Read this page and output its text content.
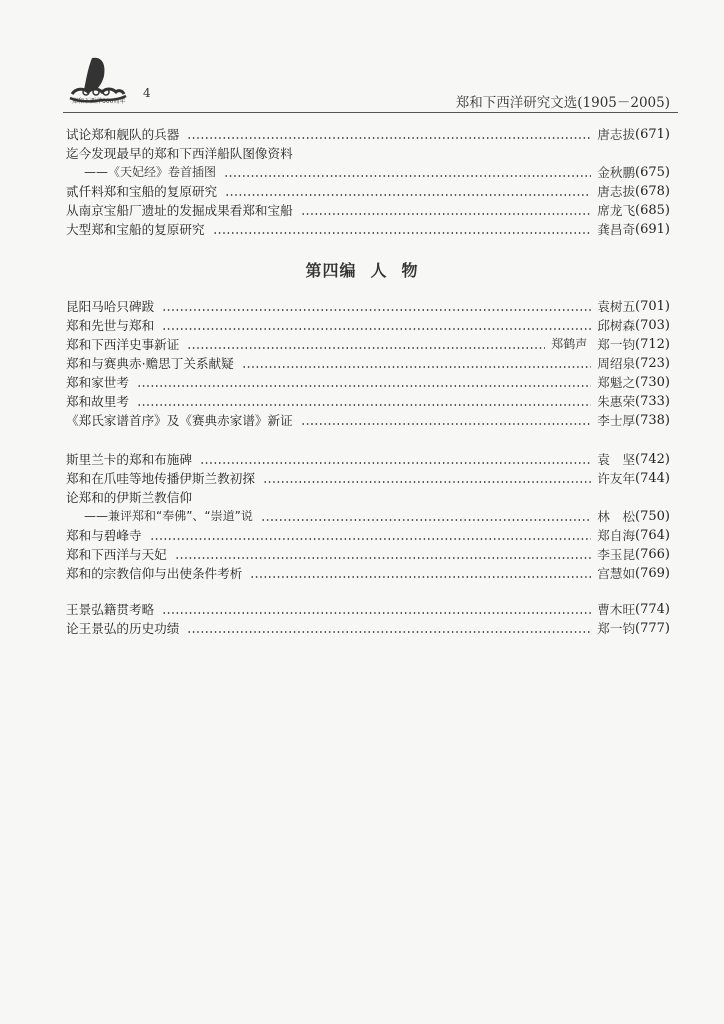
郑和下西洋600周年
4
郑和下西洋研究文选(1905－2005)
试论郑和舰队的兵器	唐志拔 (671)
迄今发现最早的郑和下西洋船队图像资料
——《天妃经》卷首插图	金秋鹏 (675)
贰仟料郑和宝船的复原研究	唐志拔 (678)
从南京宝船厂遗址的发掘成果看郑和宝船	席龙飞 (685)
大型郑和宝船的复原研究	龚昌奇 (691)
第四编 人 物
昆阳马哈只碑跋	袁树五 (701)
郑和先世与郑和	邱树森 (703)
郑和下西洋史事新证	郑鹤声 郑一钧 (712)
郑和与赛典赤·赡思丁关系献疑	周绍泉 (723)
郑和家世考	郑魁之 (730)
郑和故里考	朱惠荣 (733)
《郑氏家谱首序》及《赛典赤家谱》新证	李士厚 (738)
斯里兰卡的郑和布施碑	袁　坚 (742)
郑和在爪哇等地传播伊斯兰教初探	许友年 (744)
论郑和的伊斯兰教信仰
——兼评郑和“奉佛”、“崇道”说	林　松 (750)
郑和与碧峰寺	郑自海 (764)
郑和下西洋与天妃	李玉昆 (766)
郑和的宗教信仰与出使条件考析	宫慧如 (769)
王景弘籍贯考略	曹木旺 (774)
论王景弘的历史功绩	郑一钧 (777)
